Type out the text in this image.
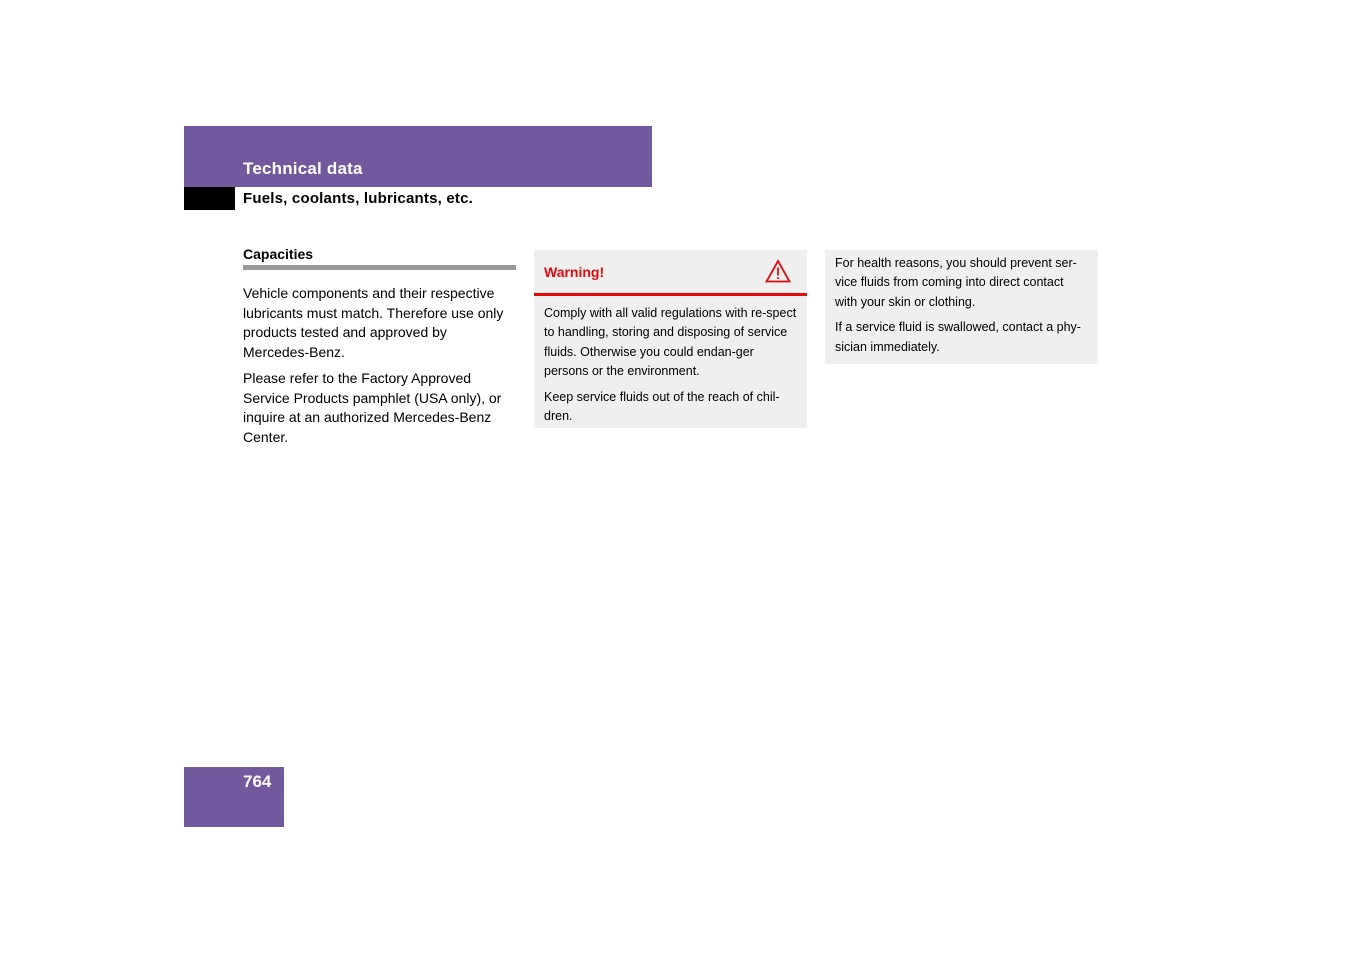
Technical data
Fuels, coolants, lubricants, etc.
Capacities

Vehicle components and their respective lubricants must match. Therefore use only products tested and approved by Mercedes-Benz.

Please refer to the Factory Approved Service Products pamphlet (USA only), or inquire at an authorized Mercedes-Benz Center.

Warning!

Comply with all valid regulations with re-spect to handling, storing and disposing of service fluids. Otherwise you could endan-ger persons or the environment.

Keep service fluids out of the reach of chil-dren.

For health reasons, you should prevent ser-vice fluids from coming into direct contact with your skin or clothing.

If a service fluid is swallowed, contact a phy-sician immediately.

764
